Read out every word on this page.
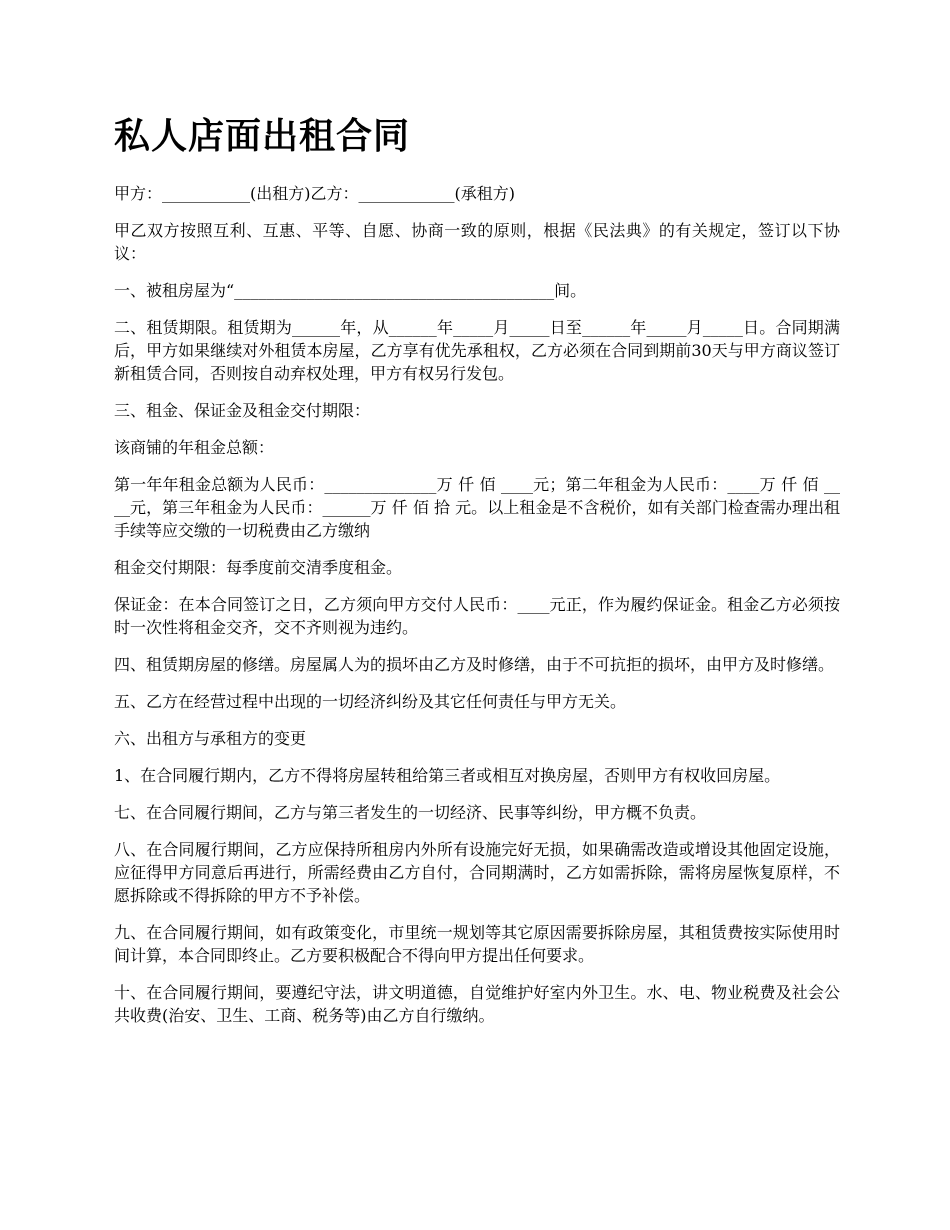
私人店面出租合同

甲方：___________(出租方)乙方：____________(承租方)

甲乙双方按照互利、互惠、平等、自愿、协商一致的原则，根据《民法典》的有关规定，签订以下协议：

一、被租房屋为“________________________________________间。

二、租赁期限。租赁期为______年，从______年_____月_____日至______年_____月_____日。合同期满后，甲方如果继续对外租赁本房屋，乙方享有优先承租权，乙方必须在合同到期前30天与甲方商议签订新租赁合同，否则按自动弃权处理，甲方有权另行发包。

三、租金、保证金及租金交付期限：

该商铺的年租金总额：

第一年年租金总额为人民币：______________万 仟 佰 ____元；第二年租金为人民币：____万 仟 佰 ____元，第三年租金为人民币：______万 仟 佰 拾 元。以上租金是不含税价，如有关部门检查需办理出租手续等应交缴的一切税费由乙方缴纳

租金交付期限：每季度前交清季度租金。

保证金：在本合同签订之日，乙方须向甲方交付人民币：____元正，作为履约保证金。租金乙方必须按时一次性将租金交齐，交不齐则视为违约。

四、租赁期房屋的修缮。房屋属人为的损坏由乙方及时修缮，由于不可抗拒的损坏，由甲方及时修缮。

五、乙方在经营过程中出现的一切经济纠纷及其它任何责任与甲方无关。

六、出租方与承租方的变更

1、在合同履行期内，乙方不得将房屋转租给第三者或相互对换房屋，否则甲方有权收回房屋。

七、在合同履行期间，乙方与第三者发生的一切经济、民事等纠纷，甲方概不负责。

八、在合同履行期间，乙方应保持所租房内外所有设施完好无损，如果确需改造或增设其他固定设施，应征得甲方同意后再进行，所需经费由乙方自付，合同期满时，乙方如需拆除，需将房屋恢复原样，不愿拆除或不得拆除的甲方不予补偿。

九、在合同履行期间，如有政策变化，市里统一规划等其它原因需要拆除房屋，其租赁费按实际使用时间计算，本合同即终止。乙方要积极配合不得向甲方提出任何要求。

十、在合同履行期间，要遵纪守法，讲文明道德，自觉维护好室内外卫生。水、电、物业税费及社会公共收费(治安、卫生、工商、税务等)由乙方自行缴纳。
